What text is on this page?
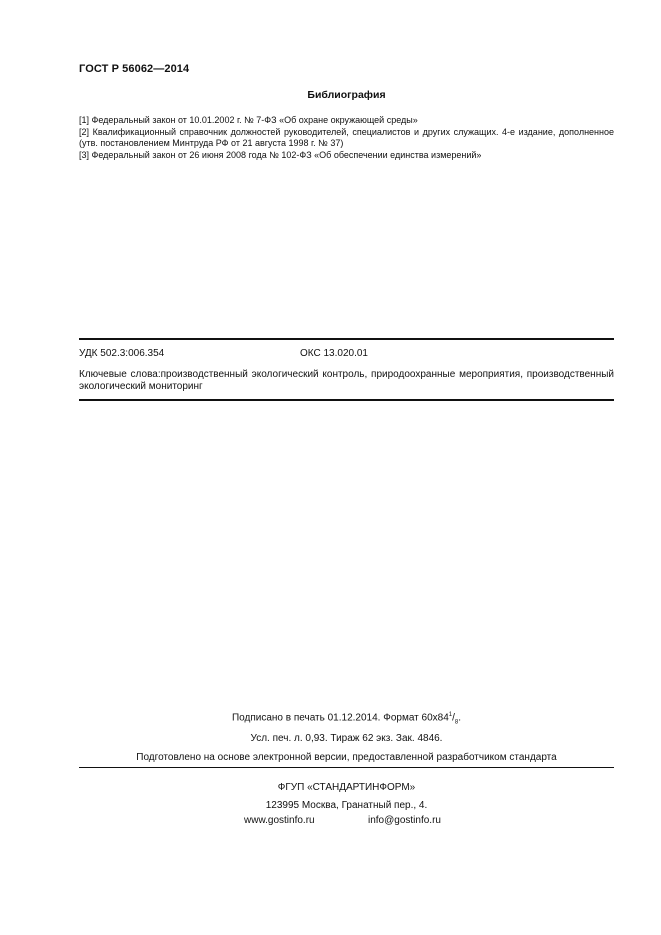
ГОСТ Р 56062—2014
Библиография

[1] Федеральный закон от 10.01.2002 г. № 7-ФЗ «Об охране окружающей среды»

[2] Квалификационный справочник должностей руководителей, специалистов и других служащих. 4-е издание, дополненное (утв. постановлением Минтруда РФ от 21 августа 1998 г. № 37)

[3] Федеральный закон от 26 июня 2008 года № 102-ФЗ «Об обеспечении единства измерений»

УДК 502.3:006.354	ОКС 13.020.01
Ключевые слова:производственный экологический контроль, природоохранные мероприятия, производственный экологический мониторинг
Подписано в печать 01.12.2014. Формат $60х84^1/_8$.
Усл. печ. л. 0,93. Тираж 62 экз. Зак. 4846.
Подготовлено на основе электронной версии, предоставленной разработчиком стандарта
ФГУП «СТАНДАРТИНФОРМ»
123995 Москва, Гранатный пер., 4.
www.gostinfo.ru	info@gostinfo.ru
